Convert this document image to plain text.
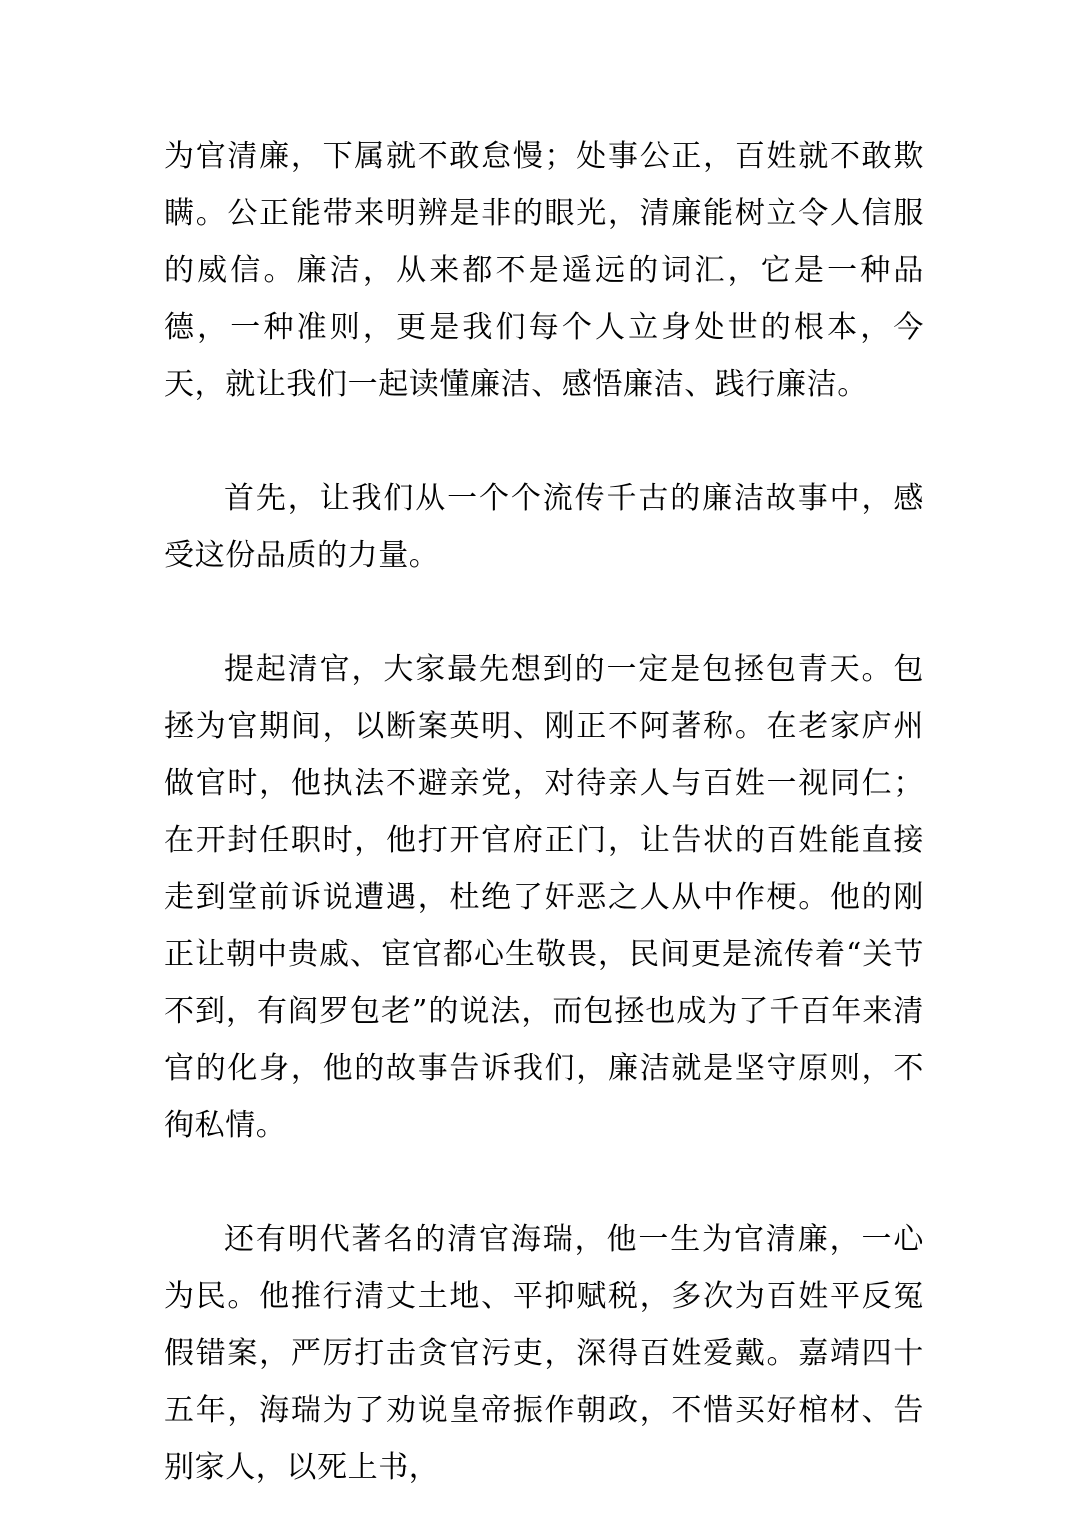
为官清廉，下属就不敢怠慢；处事公正，百姓就不敢欺瞒。公正能带来明辨是非的眼光，清廉能树立令人信服的威信。廉洁，从来都不是遥远的词汇，它是一种品德，一种准则，更是我们每个人立身处世的根本，今天，就让我们一起读懂廉洁、感悟廉洁、践行廉洁。

首先，让我们从一个个流传千古的廉洁故事中，感受这份品质的力量。

提起清官，大家最先想到的一定是包拯包青天。包拯为官期间，以断案英明、刚正不阿著称。在老家庐州做官时，他执法不避亲党，对待亲人与百姓一视同仁；在开封任职时，他打开官府正门，让告状的百姓能直接走到堂前诉说遭遇，杜绝了奸恶之人从中作梗。他的刚正让朝中贵戚、宦官都心生敬畏，民间更是流传着“关节不到，有阎罗包老”的说法，而包拯也成为了千百年来清官的化身，他的故事告诉我们，廉洁就是坚守原则，不徇私情。

还有明代著名的清官海瑞，他一生为官清廉，一心为民。他推行清丈土地、平抑赋税，多次为百姓平反冤假错案，严厉打击贪官污吏，深得百姓爱戴。嘉靖四十五年，海瑞为了劝说皇帝振作朝政，不惜买好棺材、告别家人，以死上书，
